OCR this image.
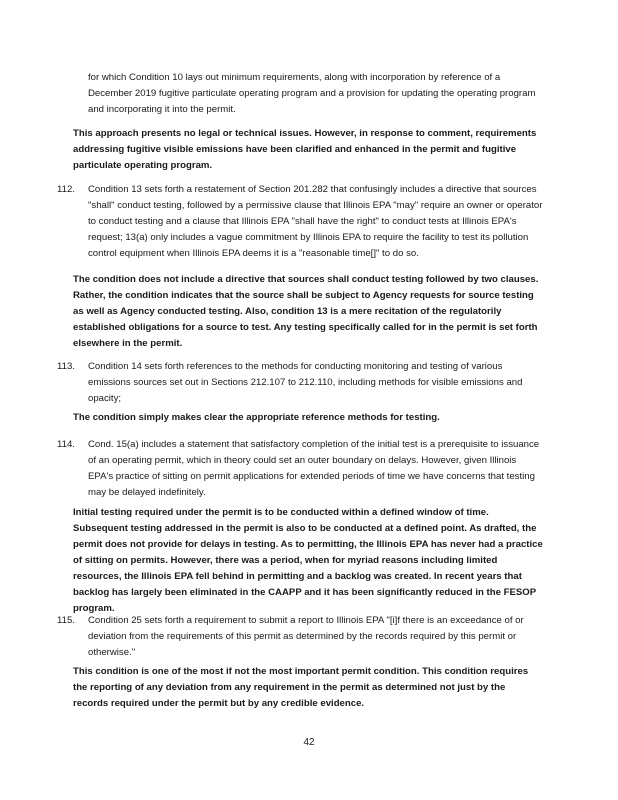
for which Condition 10 lays out minimum requirements, along with incorporation by reference of a December 2019 fugitive particulate operating program and a provision for updating the operating program and incorporating it into the permit.

This approach presents no legal or technical issues. However, in response to comment, requirements addressing fugitive visible emissions have been clarified and enhanced in the permit and fugitive particulate operating program.

112.	Condition 13 sets forth a restatement of Section 201.282 that confusingly includes a directive that sources "shall" conduct testing, followed by a permissive clause that Illinois EPA "may" require an owner or operator to conduct testing and a clause that Illinois EPA "shall have the right" to conduct tests at Illinois EPA's request; 13(a) only includes a vague commitment by Illinois EPA to require the facility to test its pollution control equipment when Illinois EPA deems it is a "reasonable time[]" to do so.

The condition does not include a directive that sources shall conduct testing followed by two clauses. Rather, the condition indicates that the source shall be subject to Agency requests for source testing as well as Agency conducted testing. Also, condition 13 is a mere recitation of the regulatorily established obligations for a source to test. Any testing specifically called for in the permit is set forth elsewhere in the permit.

113.	Condition 14 sets forth references to the methods for conducting monitoring and testing of various emissions sources set out in Sections 212.107 to 212.110, including methods for visible emissions and opacity;

The condition simply makes clear the appropriate reference methods for testing.

114.	Cond. 15(a) includes a statement that satisfactory completion of the initial test is a prerequisite to issuance of an operating permit, which in theory could set an outer boundary on delays. However, given Illinois EPA's practice of sitting on permit applications for extended periods of time we have concerns that testing may be delayed indefinitely.

Initial testing required under the permit is to be conducted within a defined window of time. Subsequent testing addressed in the permit is also to be conducted at a defined point. As drafted, the permit does not provide for delays in testing. As to permitting, the Illinois EPA has never had a practice of sitting on permits. However, there was a period, when for myriad reasons including limited resources, the Illinois EPA fell behind in permitting and a backlog was created. In recent years that backlog has largely been eliminated in the CAAPP and it has been significantly reduced in the FESOP program.

115.	Condition 25 sets forth a requirement to submit a report to Illinois EPA "[i]f there is an exceedance of or deviation from the requirements of this permit as determined by the records required by this permit or otherwise."

This condition is one of the most if not the most important permit condition. This condition requires the reporting of any deviation from any requirement in the permit as determined not just by the records required under the permit but by any credible evidence.

42
